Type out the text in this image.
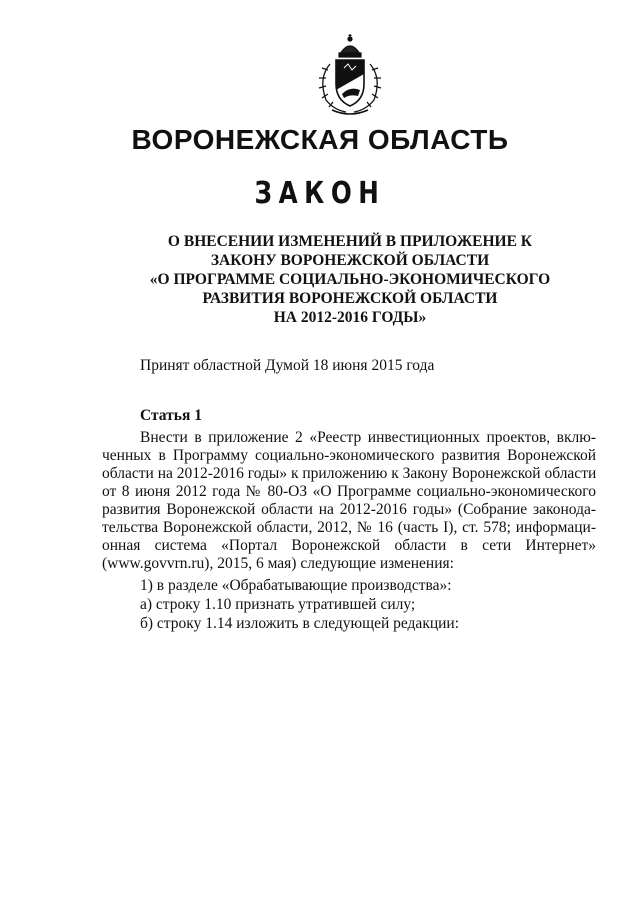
ВОРОНЕЖСКАЯ ОБЛАСТЬ
ЗАКОН
О ВНЕСЕНИИ ИЗМЕНЕНИЙ В ПРИЛОЖЕНИЕ К
ЗАКОНУ ВОРОНЕЖСКОЙ ОБЛАСТИ
«О ПРОГРАММЕ СОЦИАЛЬНО-ЭКОНОМИЧЕСКОГО
РАЗВИТИЯ ВОРОНЕЖСКОЙ ОБЛАСТИ
НА 2012-2016 ГОДЫ»
Принят областной Думой 18 июня 2015 года
Статья 1
Внести в приложение 2 «Реестр инвестиционных проектов, вклю-
ченных в Программу социально-экономического развития Воронежской
области на 2012-2016 годы» к приложению к Закону Воронежской области
от 8 июня 2012 года № 80-ОЗ «О Программе социально-экономического
развития Воронежской области на 2012-2016 годы» (Собрание законода-
тельства Воронежской области, 2012, № 16 (часть I), ст. 578; информаци-
онная система «Портал Воронежской области в сети Интернет»
(www.govvrn.ru), 2015, 6 мая) следующие изменения:
1) в разделе «Обрабатывающие производства»:
а) строку 1.10 признать утратившей силу;
б) строку 1.14 изложить в следующей редакции:
